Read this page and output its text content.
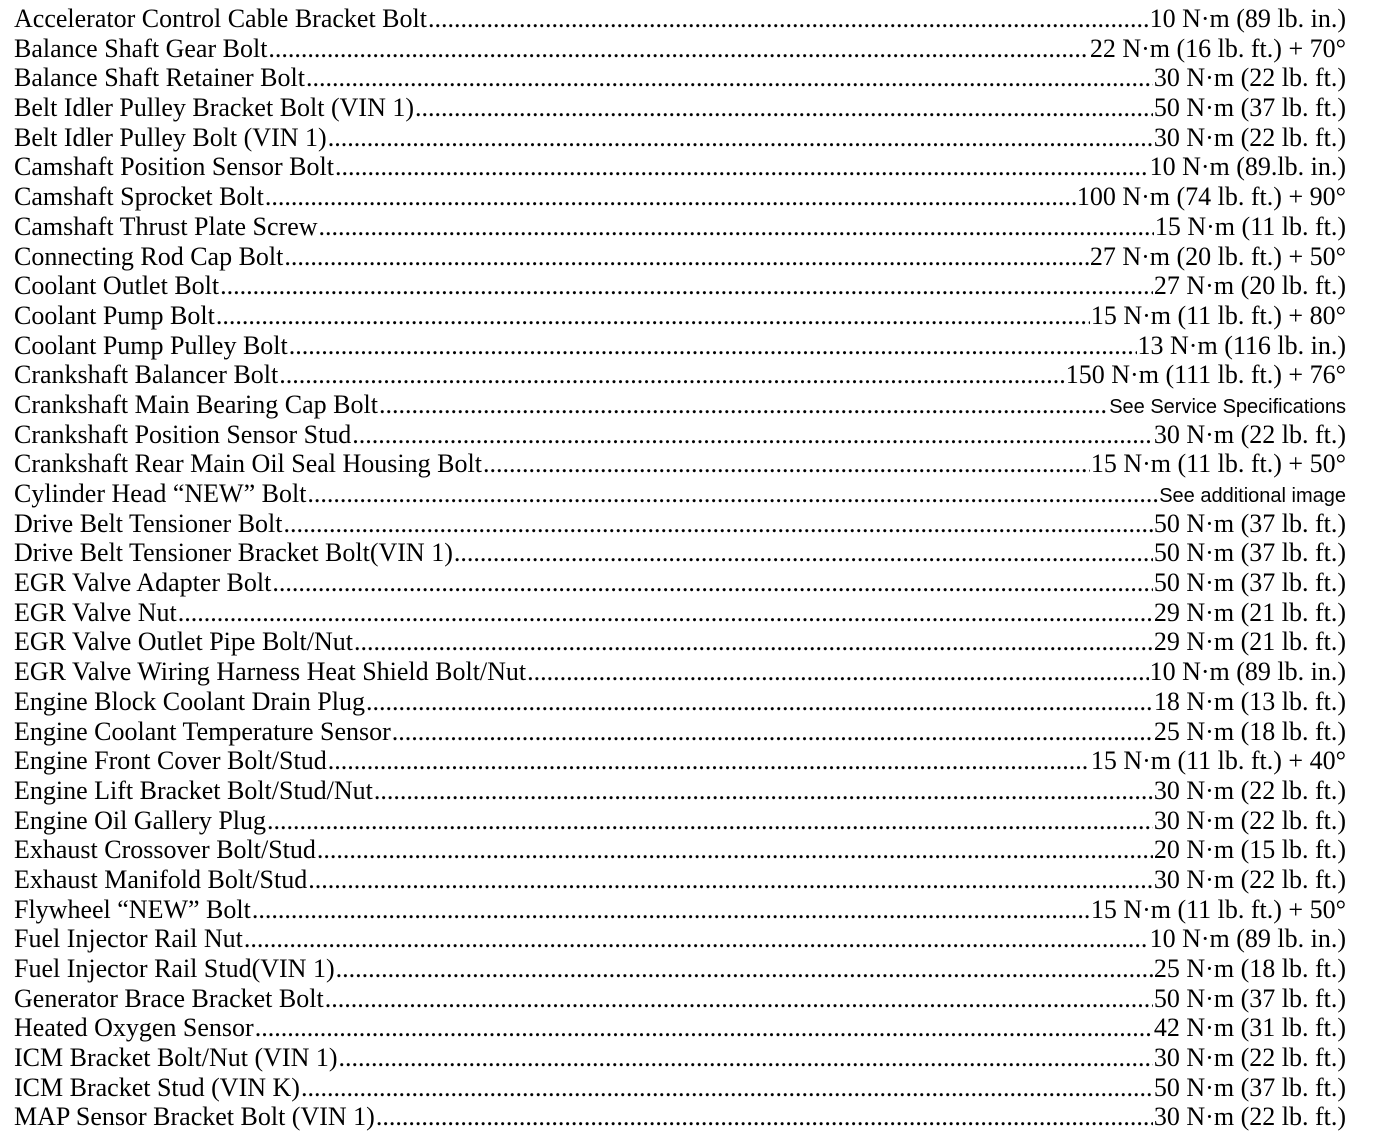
Accelerator Control Cable Bracket Bolt .....	10 N·m (89 lb. in.)
Balance Shaft Gear Bolt .....	22 N·m (16 lb. ft.) + 70°
Balance Shaft Retainer Bolt .....	30 N·m (22 lb. ft.)
Belt Idler Pulley Bracket Bolt (VIN 1) .....	50 N·m (37 lb. ft.)
Belt Idler Pulley Bolt (VIN 1) .....	30 N·m (22 lb. ft.)
Camshaft Position Sensor Bolt .....	10 N·m (89.lb. in.)
Camshaft Sprocket Bolt .....	100 N·m (74 lb. ft.) + 90°
Camshaft Thrust Plate Screw .....	15 N·m (11 lb. ft.)
Connecting Rod Cap Bolt .....	27 N·m (20 lb. ft.) + 50°
Coolant Outlet Bolt .....	27 N·m (20 lb. ft.)
Coolant Pump Bolt .....	15 N·m (11 lb. ft.) + 80°
Coolant Pump Pulley Bolt .....	13 N·m (116 lb. in.)
Crankshaft Balancer Bolt .....	150 N·m (111 lb. ft.) + 76°
Crankshaft Main Bearing Cap Bolt .....	See Service Specifications
Crankshaft Position Sensor Stud .....	30 N·m (22 lb. ft.)
Crankshaft Rear Main Oil Seal Housing Bolt .....	15 N·m (11 lb. ft.) + 50°
Cylinder Head “NEW” Bolt .....	See additional image
Drive Belt Tensioner Bolt .....	50 N·m (37 lb. ft.)
Drive Belt Tensioner Bracket Bolt(VIN 1) .....	50 N·m (37 lb. ft.)
EGR Valve Adapter Bolt .....	50 N·m (37 lb. ft.)
EGR Valve Nut .....	29 N·m (21 lb. ft.)
EGR Valve Outlet Pipe Bolt/Nut .....	29 N·m (21 lb. ft.)
EGR Valve Wiring Harness Heat Shield Bolt/Nut .....	10 N·m (89 lb. in.)
Engine Block Coolant Drain Plug .....	18 N·m (13 lb. ft.)
Engine Coolant Temperature Sensor .....	25 N·m (18 lb. ft.)
Engine Front Cover Bolt/Stud .....	15 N·m (11 lb. ft.) + 40°
Engine Lift Bracket Bolt/Stud/Nut .....	30 N·m (22 lb. ft.)
Engine Oil Gallery Plug .....	30 N·m (22 lb. ft.)
Exhaust Crossover Bolt/Stud .....	20 N·m (15 lb. ft.)
Exhaust Manifold Bolt/Stud .....	30 N·m (22 lb. ft.)
Flywheel “NEW” Bolt .....	15 N·m (11 lb. ft.) + 50°
Fuel Injector Rail Nut .....	10 N·m (89 lb. in.)
Fuel Injector Rail Stud(VIN 1) .....	25 N·m (18 lb. ft.)
Generator Brace Bracket Bolt .....	50 N·m (37 lb. ft.)
Heated Oxygen Sensor .....	42 N·m (31 lb. ft.)
ICM Bracket Bolt/Nut (VIN 1) .....	30 N·m (22 lb. ft.)
ICM Bracket Stud (VIN K) .....	50 N·m (37 lb. ft.)
MAP Sensor Bracket Bolt (VIN 1) .....	30 N·m (22 lb. ft.)
